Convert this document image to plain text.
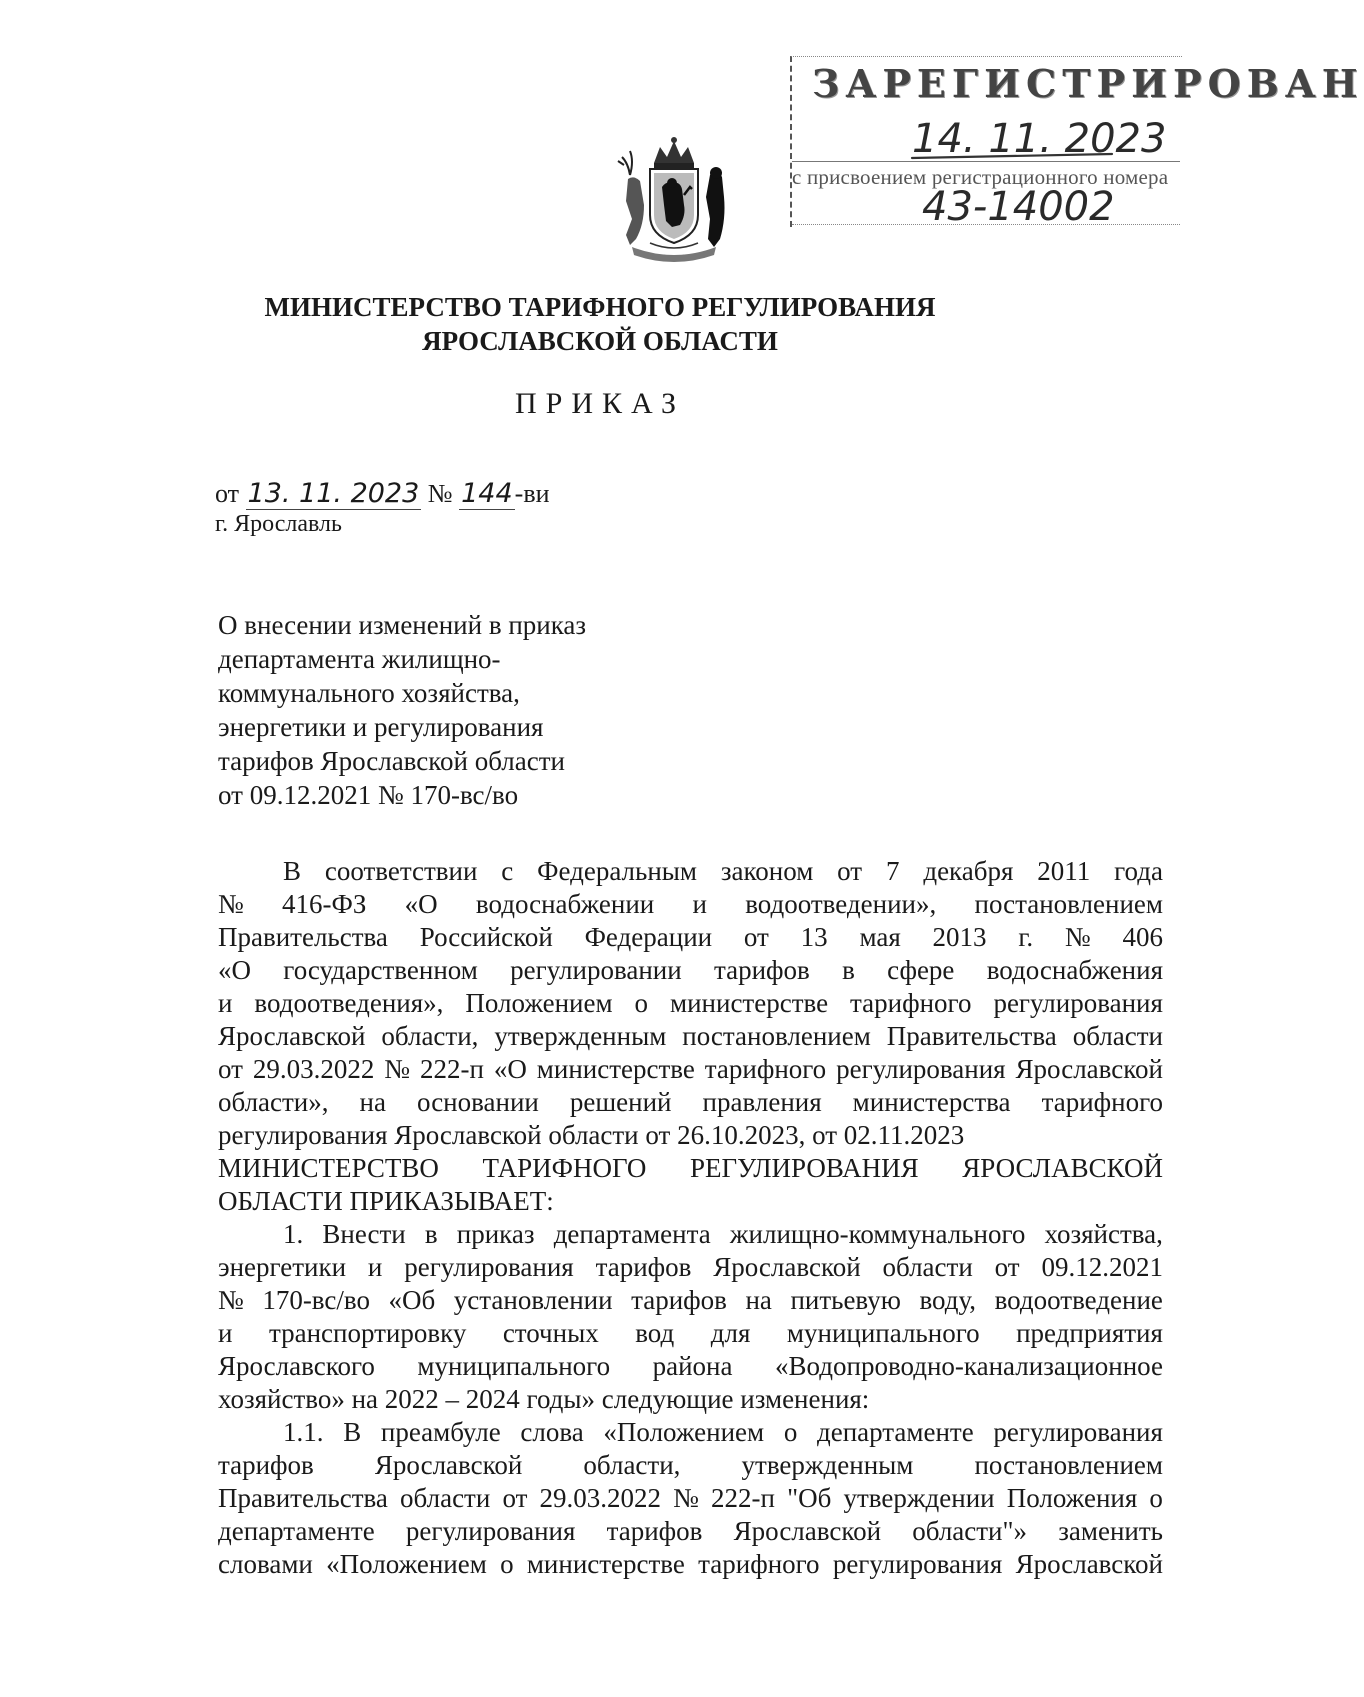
ЗАРЕГИСТРИРОВАН
14. 11. 2023
с присвоением регистрационного номера
43-14002
МИНИСТЕРСТВО ТАРИФНОГО РЕГУЛИРОВАНИЯ
ЯРОСЛАВСКОЙ ОБЛАСТИ
ПРИКАЗ
от 13. 11. 2023 № 144-ви
г. Ярославль
О внесении изменений в приказ
департамента жилищно-
коммунального хозяйства,
энергетики и регулирования
тарифов Ярославской области
от 09.12.2021 № 170-вс/во
В соответствии с Федеральным законом от 7 декабря 2011 года
№ 416-ФЗ «О водоснабжении и водоотведении», постановлением
Правительства Российской Федерации от 13 мая 2013 г. № 406
«О государственном регулировании тарифов в сфере водоснабжения
и водоотведения», Положением о министерстве тарифного регулирования
Ярославской области, утвержденным постановлением Правительства области
от 29.03.2022 № 222-п «О министерстве тарифного регулирования Ярославской
области», на основании решений правления министерства тарифного
регулирования Ярославской области от 26.10.2023, от 02.11.2023
МИНИСТЕРСТВО ТАРИФНОГО РЕГУЛИРОВАНИЯ ЯРОСЛАВСКОЙ
ОБЛАСТИ ПРИКАЗЫВАЕТ:
1. Внести в приказ департамента жилищно-коммунального хозяйства,
энергетики и регулирования тарифов Ярославской области от 09.12.2021
№ 170-вс/во «Об установлении тарифов на питьевую воду, водоотведение
и транспортировку сточных вод для муниципального предприятия
Ярославского муниципального района «Водопроводно-канализационное
хозяйство» на 2022 – 2024 годы» следующие изменения:
1.1. В преамбуле слова «Положением о департаменте регулирования
тарифов Ярославской области, утвержденным постановлением
Правительства области от 29.03.2022 № 222-п "Об утверждении Положения о
департаменте регулирования тарифов Ярославской области"» заменить
словами «Положением о министерстве тарифного регулирования Ярославской
